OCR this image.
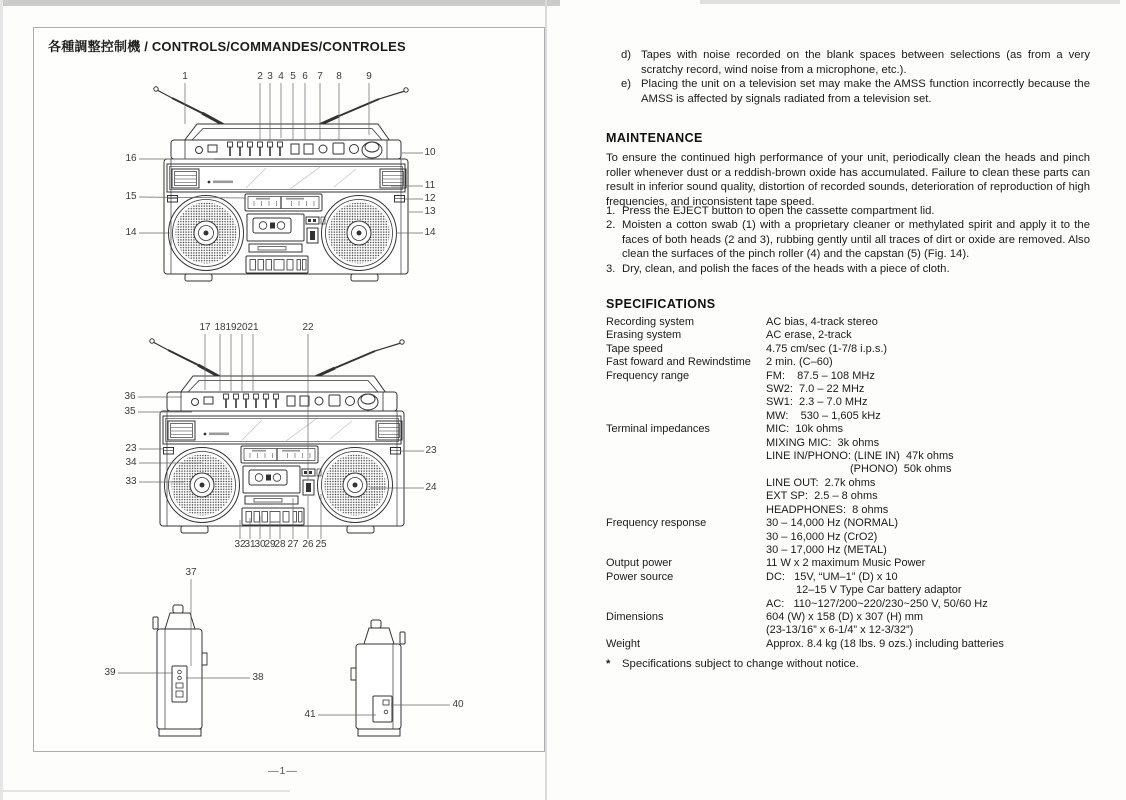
各種調整控制機 / CONTROLS/COMMANDES/CONTROLES
1	2 3 4 5 6 7 8 9
10
11
12
13
14
16
15
14
17 18 19 20 21	22
36
35
23
34
33
23
24
32
31
30
29
28 27 26 25
37
39	38
40
41
—1—
d) Tapes with noise recorded on the blank spaces between selections (as from a very scratchy record, wind noise from a microphone, etc.).
e) Placing the unit on a television set may make the AMSS function incorrectly because the AMSS is affected by signals radiated from a television set.
MAINTENANCE
To ensure the continued high performance of your unit, periodically clean the heads and pinch roller whenever dust or a reddish-brown oxide has accumulated. Failure to clean these parts can result in inferior sound quality, distortion of recorded sounds, deterioration of reproduction of high frequencies, and inconsistent tape speed.
1. Press the EJECT button to open the cassette compartment lid.
2. Moisten a cotton swab (1) with a proprietary cleaner or methylated spirit and apply it to the faces of both heads (2 and 3), rubbing gently until all traces of dirt or oxide are removed. Also clean the surfaces of the pinch roller (4) and the capstan (5) (Fig. 14).
3. Dry, clean, and polish the faces of the heads with a piece of cloth.
SPECIFICATIONS
Recording system	AC bias, 4-track stereo
Erasing system	AC erase, 2-track
Tape speed	4.75 cm/sec (1-7/8 i.p.s.)
Fast foward and Rewindstime	2 min. (C–60)
Frequency range	FM:    87.5 – 108 MHz
SW2:  7.0 – 22 MHz
SW1:  2.3 – 7.0 MHz
MW:    530 – 1,605 kHz
Terminal impedances	MIC:  10k ohms
MIXING MIC:  3k ohms
LINE IN/PHONO: (LINE IN)  47k ohms
(PHONO)  50k ohms
LINE OUT:  2.7k ohms
EXT SP:  2.5 – 8 ohms
HEADPHONES:  8 ohms
Frequency response	30 – 14,000 Hz (NORMAL)
30 – 16,000 Hz (CrO2)
30 – 17,000 Hz (METAL)
Output power	11 W x 2 maximum Music Power
Power source	DC:   15V, “UM–1” (D) x 10
12–15 V Type Car battery adaptor
AC:   110~127/200~220/230~250 V, 50/60 Hz
Dimensions	604 (W) x 158 (D) x 307 (H) mm
(23-13/16” x 6-1/4” x 12-3/32”)
Weight	Approx. 8.4 kg (18 lbs. 9 ozs.) including batteries
*	Specifications subject to change without notice.
